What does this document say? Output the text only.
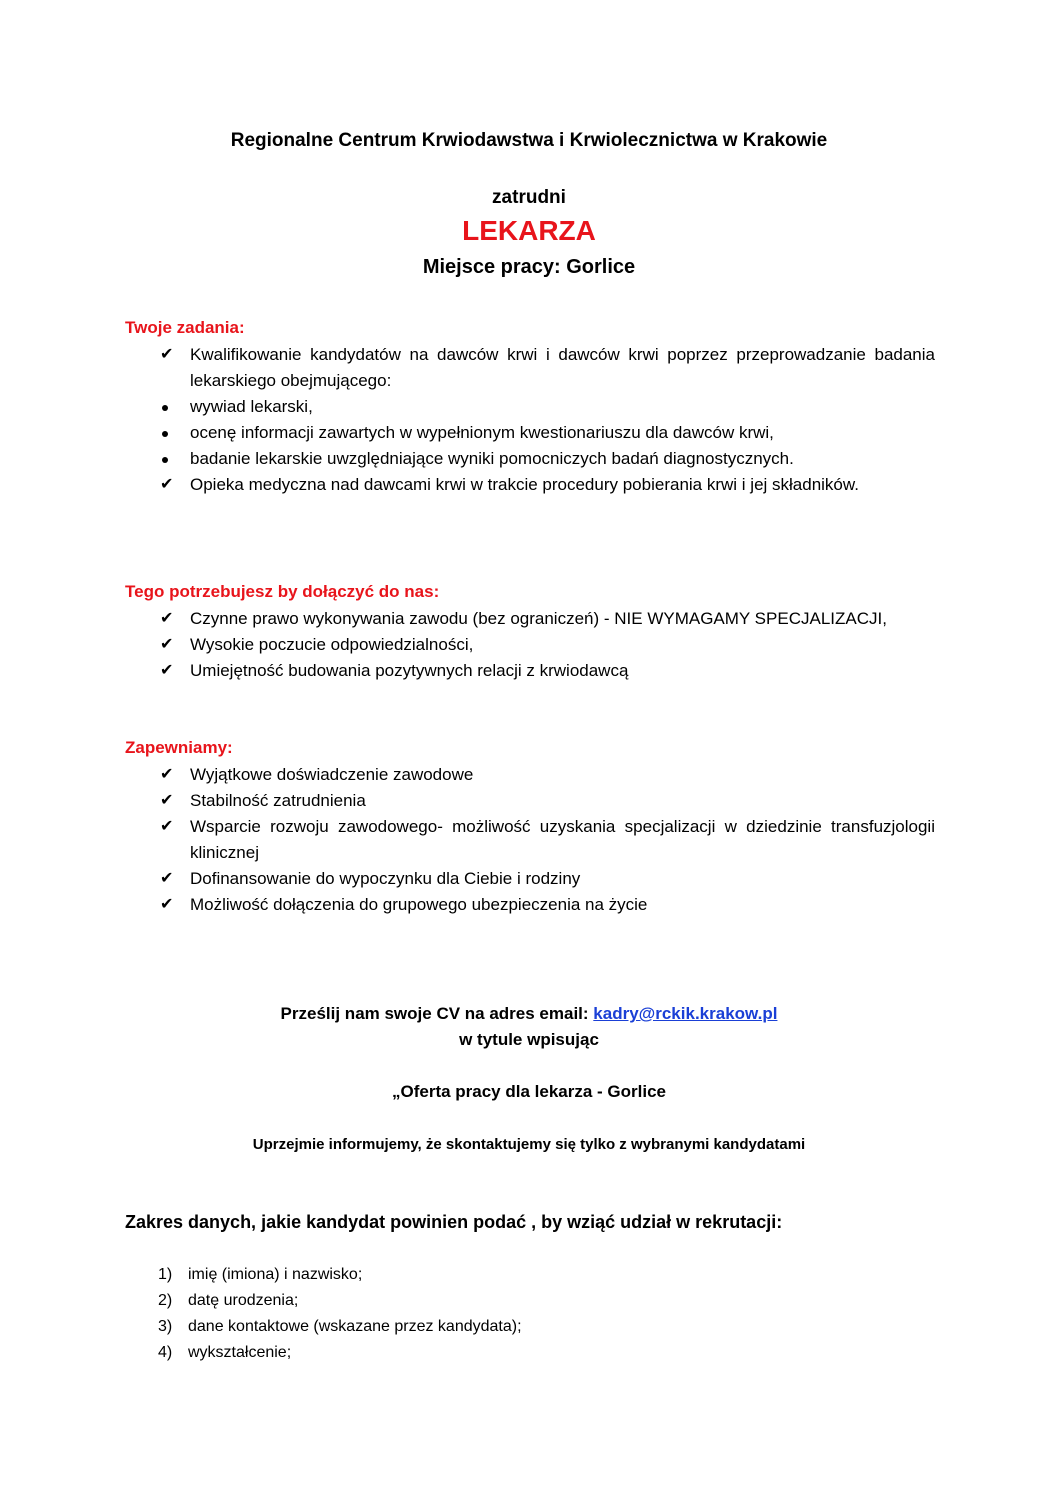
Regionalne Centrum Krwiodawstwa i Krwiolecznictwa w Krakowie
zatrudni
LEKARZA
Miejsce pracy: Gorlice
Twoje zadania:
✔ Kwalifikowanie kandydatów na dawców krwi i dawców krwi poprzez przeprowadzanie badania lekarskiego obejmującego:
wywiad lekarski,
ocenę informacji zawartych w wypełnionym kwestionariuszu dla dawców krwi,
badanie lekarskie uwzględniające wyniki pomocniczych badań diagnostycznych.
✔ Opieka medyczna nad dawcami krwi w trakcie procedury pobierania krwi i jej składników.
Tego potrzebujesz by dołączyć do nas:
✔ Czynne prawo wykonywania zawodu (bez ograniczeń) - NIE WYMAGAMY SPECJALIZACJI,
✔ Wysokie poczucie odpowiedzialności,
✔ Umiejętność budowania pozytywnych relacji z krwiodawcą
Zapewniamy:
✔ Wyjątkowe doświadczenie zawodowe
✔ Stabilność zatrudnienia
✔ Wsparcie rozwoju zawodowego- możliwość uzyskania specjalizacji w dziedzinie transfuzjologii klinicznej
✔ Dofinansowanie do wypoczynku dla Ciebie i rodziny
✔ Możliwość dołączenia do grupowego ubezpieczenia na życie
Prześlij nam swoje CV na adres email: kadry@rckik.krakow.pl
w tytule wpisując
„Oferta pracy dla lekarza - Gorlice
Uprzejmie informujemy, że skontaktujemy się tylko z wybranymi kandydatami
Zakres danych, jakie kandydat powinien podać , by wziąć udział w rekrutacji:
1) imię (imiona) i nazwisko;
2) datę urodzenia;
3) dane kontaktowe (wskazane przez kandydata);
4) wykształcenie;
